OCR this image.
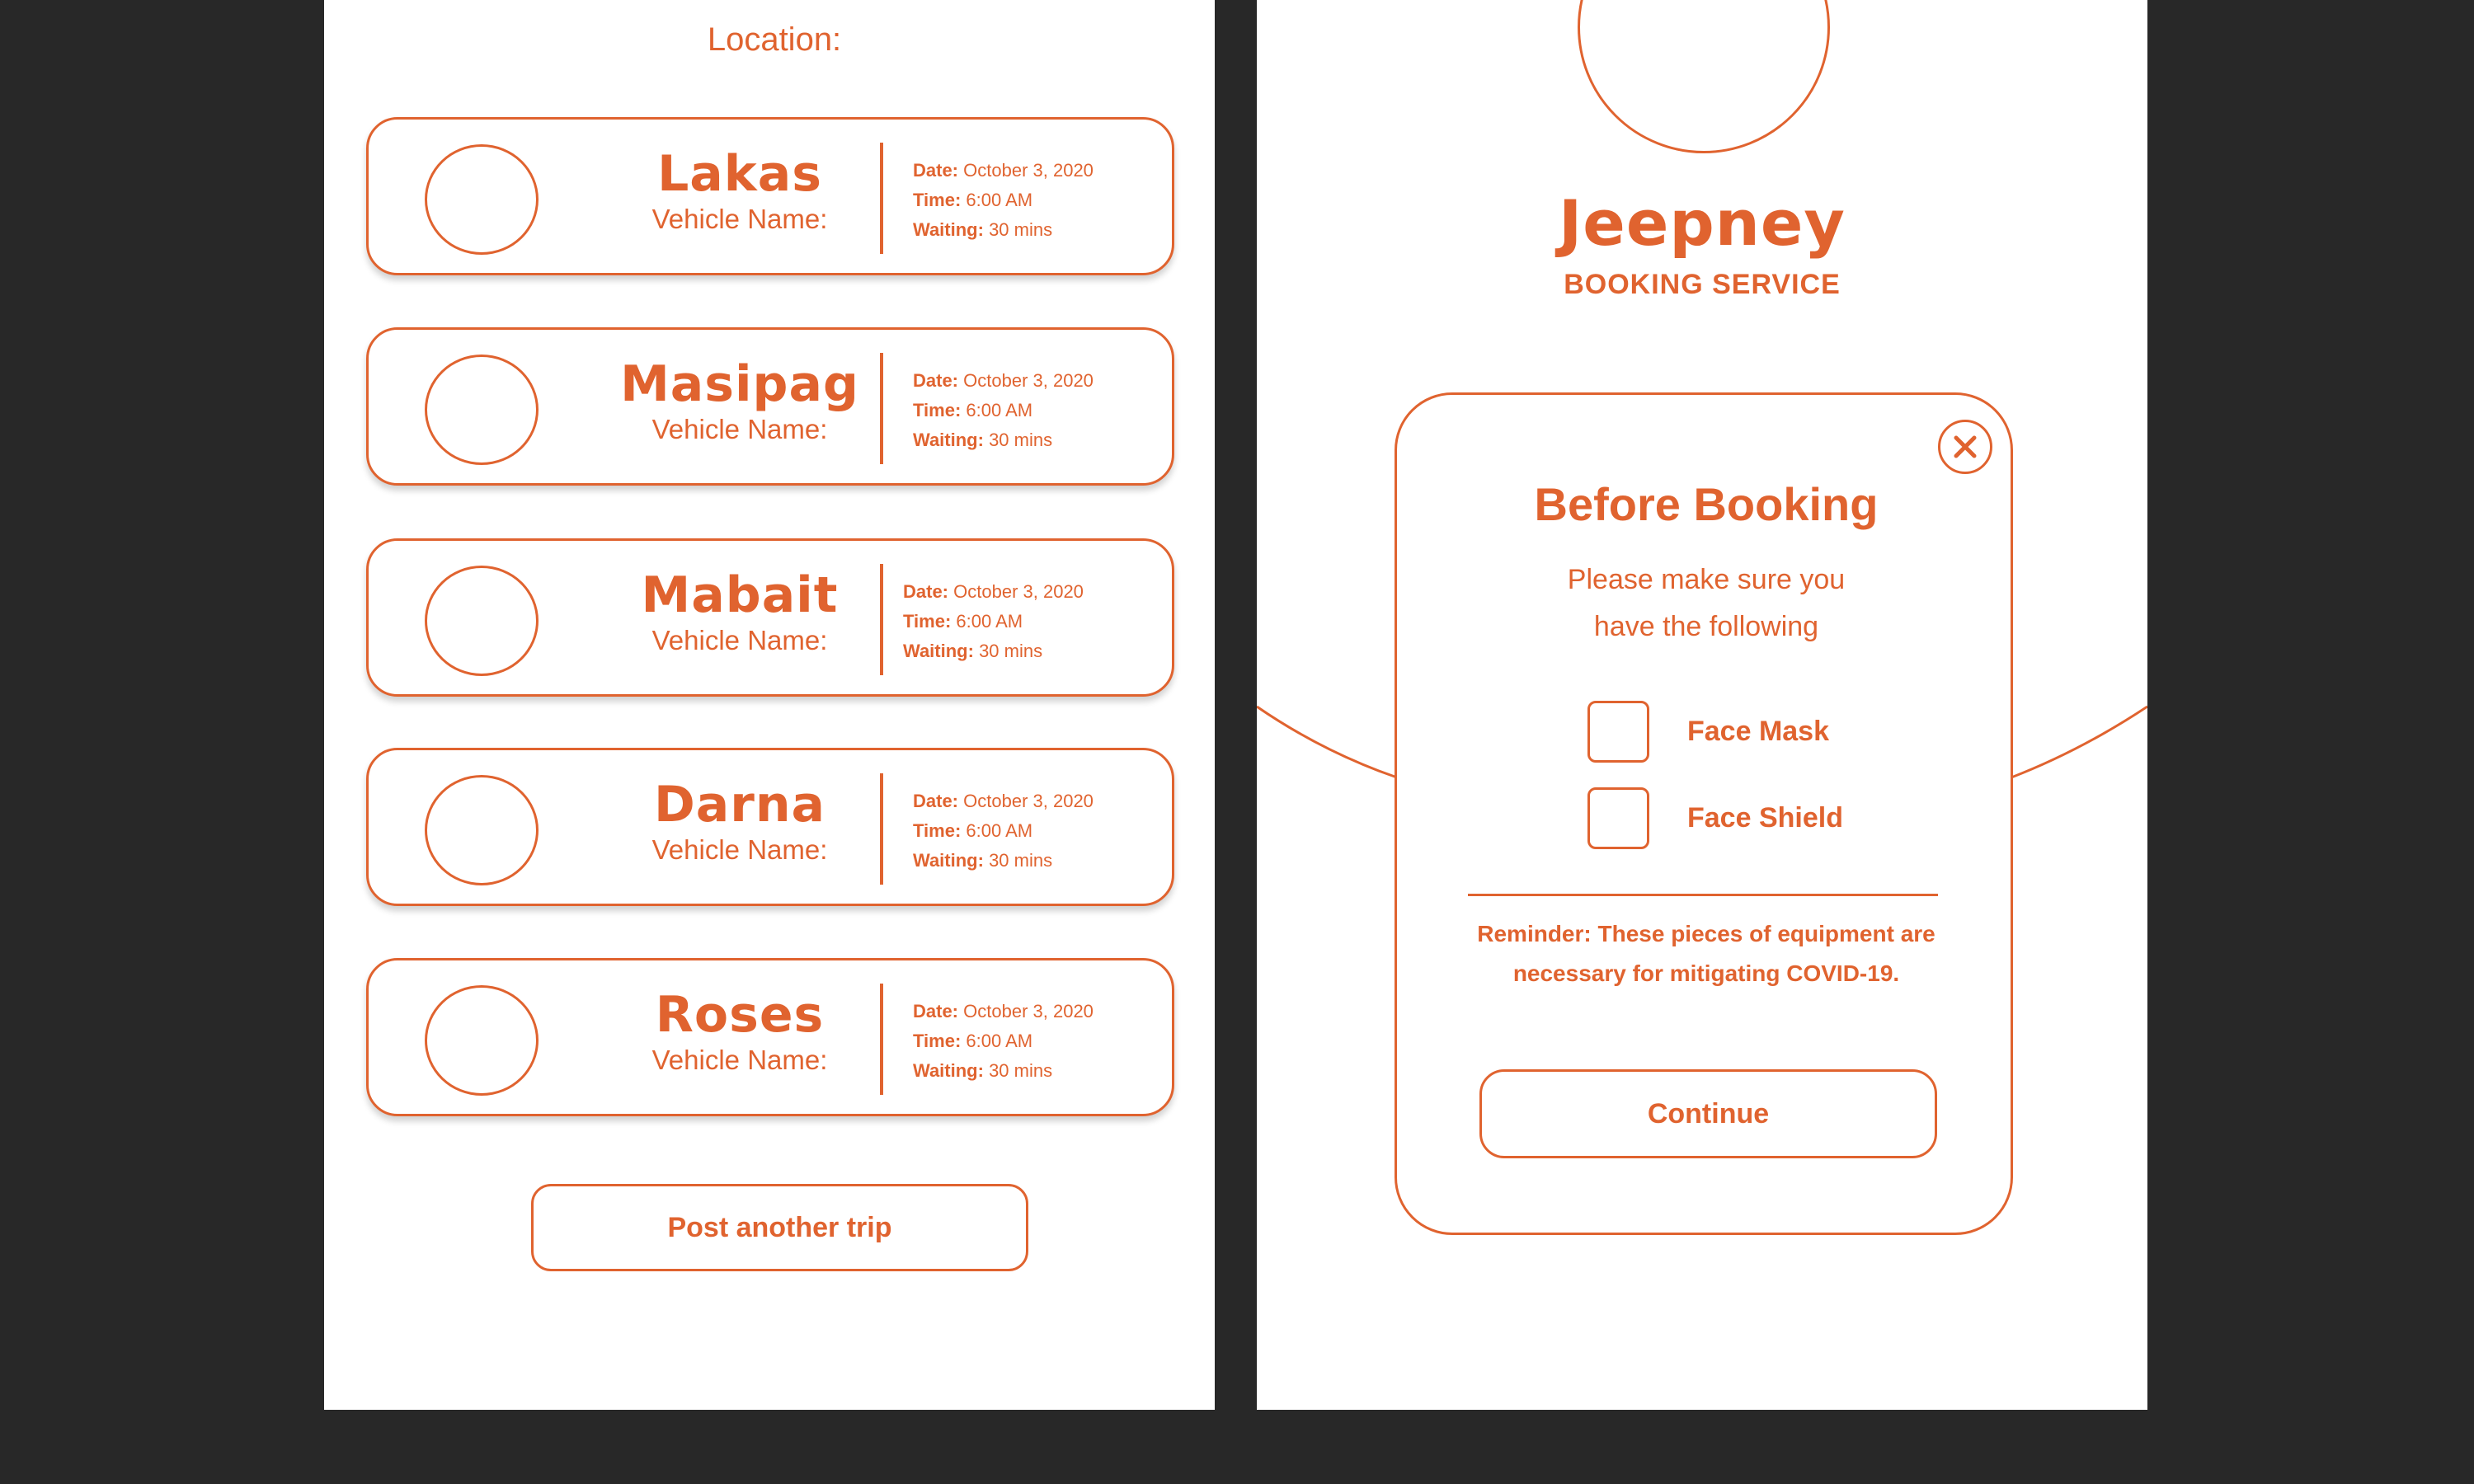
Location:
Lakas
Vehicle Name:
Date: October 3, 2020
Time: 6:00 AM
Waiting: 30 mins
Masipag
Vehicle Name:
Date: October 3, 2020
Time: 6:00 AM
Waiting: 30 mins
Mabait
Vehicle Name:
Date: October 3, 2020
Time: 6:00 AM
Waiting: 30 mins
Darna
Vehicle Name:
Date: October 3, 2020
Time: 6:00 AM
Waiting: 30 mins
Roses
Vehicle Name:
Date: October 3, 2020
Time: 6:00 AM
Waiting: 30 mins
Post another trip
Jeepney
BOOKING SERVICE
Before Booking
Please make sure you
have the following
Face Mask
Face Shield
Reminder: These pieces of equipment are
necessary for mitigating COVID-19.
Continue
